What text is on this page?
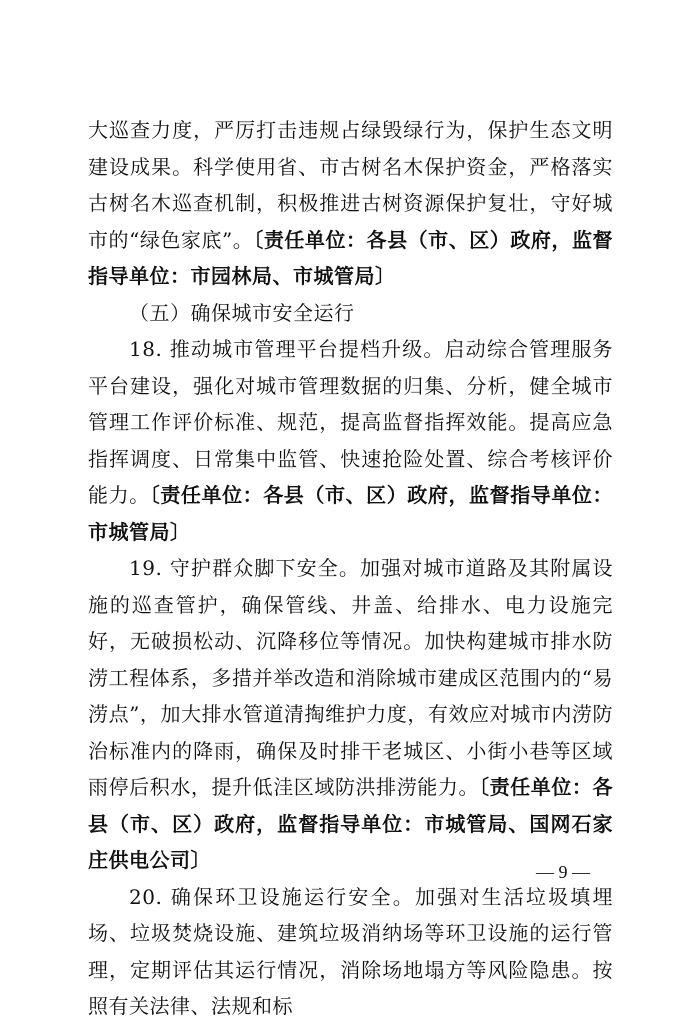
大巡查力度，严厉打击违规占绿毁绿行为，保护生态文明建设成果。科学使用省、市古树名木保护资金，严格落实古树名木巡查机制，积极推进古树资源保护复壮，守好城市的“绿色家底”。〔责任单位：各县（市、区）政府，监督指导单位：市园林局、市城管局〕

（五）确保城市安全运行

18. 推动城市管理平台提档升级。启动综合管理服务平台建设，强化对城市管理数据的归集、分析，健全城市管理工作评价标准、规范，提高监督指挥效能。提高应急指挥调度、日常集中监管、快速抢险处置、综合考核评价能力。〔责任单位：各县（市、区）政府，监督指导单位：市城管局〕

19. 守护群众脚下安全。加强对城市道路及其附属设施的巡查管护，确保管线、井盖、给排水、电力设施完好，无破损松动、沉降移位等情况。加快构建城市排水防涝工程体系，多措并举改造和消除城市建成区范围内的“易涝点”，加大排水管道清掏维护力度，有效应对城市内涝防治标准内的降雨，确保及时排干老城区、小街小巷等区域雨停后积水，提升低洼区域防洪排涝能力。〔责任单位：各县（市、区）政府，监督指导单位：市城管局、国网石家庄供电公司〕

20. 确保环卫设施运行安全。加强对生活垃圾填埋场、垃圾焚烧设施、建筑垃圾消纳场等环卫设施的运行管理，定期评估其运行情况，消除场地塌方等风险隐患。按照有关法律、法规和标

— 9 —
